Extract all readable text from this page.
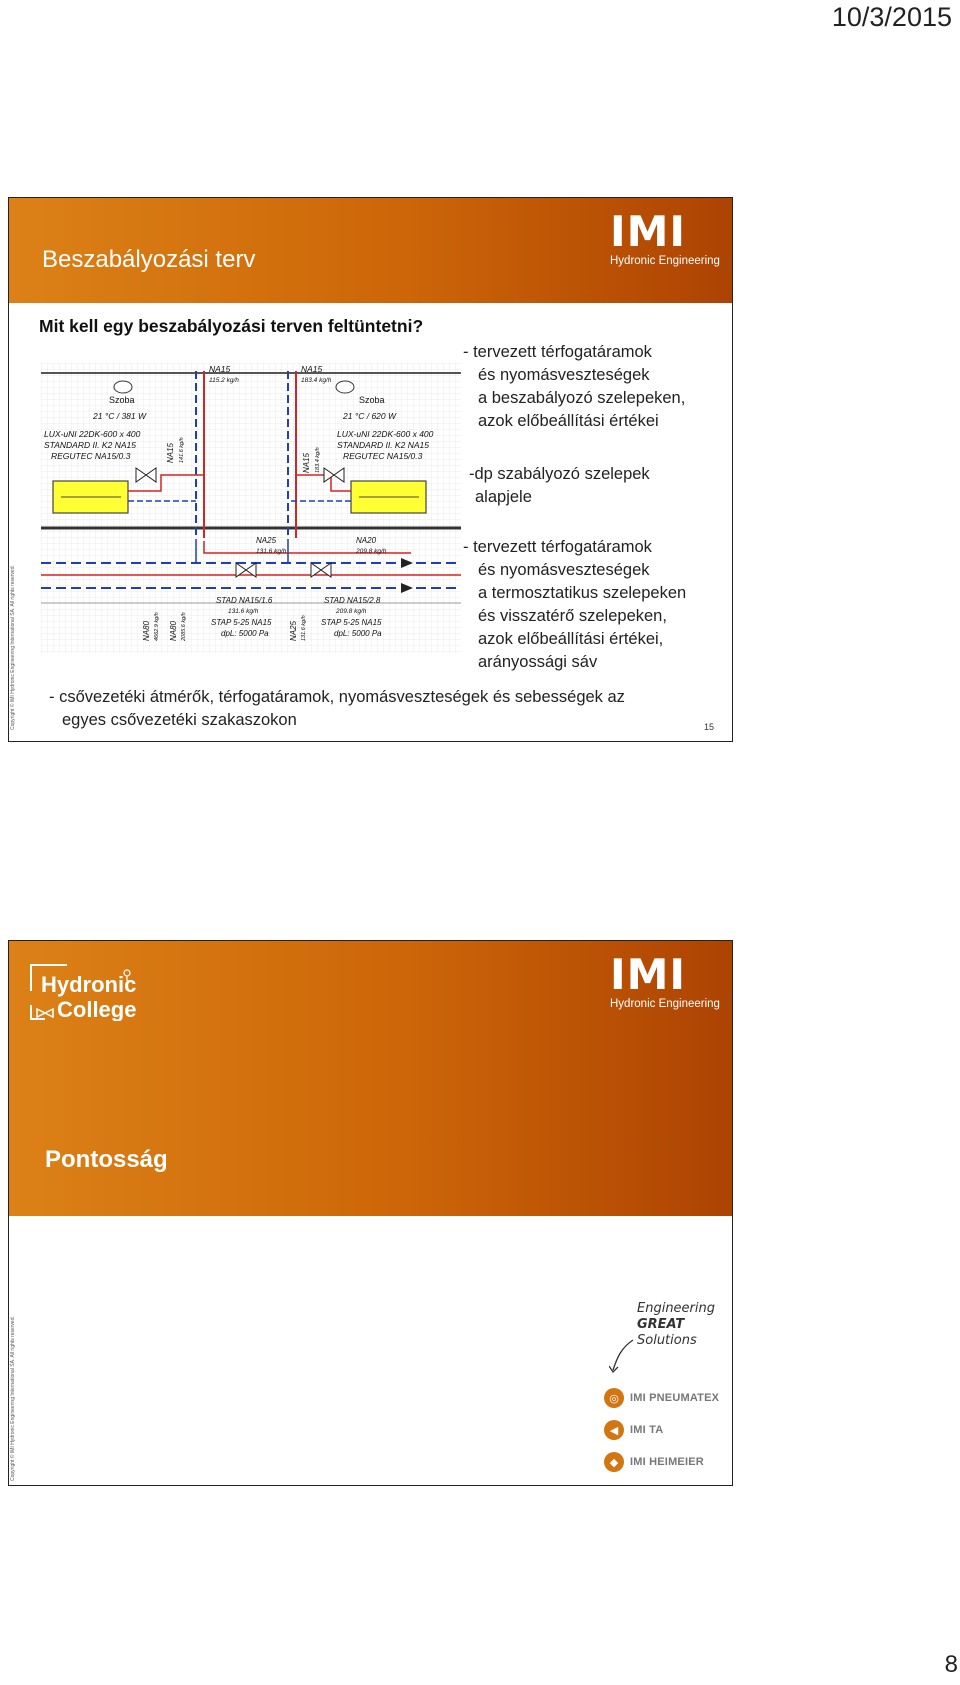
10/3/2015
Beszabályozási terv
IMI
Hydronic Engineering
Copyright © IMI Hydronic Engineering International SA. All rights reserved.
Mit kell egy beszabályozási terven feltüntetni?
Szoba
21 °C / 381 W
LUX-uNI 22DK-600 x 400
STANDARD II. K2 NA15
REGUTEC NA15/0.3
Szoba
21 °C / 620 W
LUX-uNI 22DK-600 x 400
STANDARD II. K2 NA15
REGUTEC NA15/0.3
NA15
115.2 kg/h
NA15
183.4 kg/h
NA15 141.6 kg/h	NA15 183.4 kg/h
NA25
131.6 kg/h
NA20
209.8 kg/h
STAD NA15/1.6
131.6 kg/h
STAP 5-25 NA15
dpL: 5000 Pa
STAD NA15/2.8
209.8 kg/h
STAP 5-25 NA15
dpL: 5000 Pa
NA80 4662.9 kg/h NA80 2085.6 kg/h	NA25 131.6 kg/h
- tervezett térfogatáramok
és nyomásveszteségek
a beszabályozó szelepeken,
azok előbeállítási értékei
-dp szabályozó szelepek
alapjele
- tervezett térfogatáramok
és nyomásveszteségek
a termosztatikus szelepeken
és visszatérő szelepeken,
azok előbeállítási értékei,
arányossági sáv
- csővezetéki átmérők, térfogatáramok, nyomásveszteségek és sebességek az
egyes csővezetéki szakaszokon	15
Hydronic
College
IMI
Hydronic Engineering
Pontosság
Copyright © IMI Hydronic Engineering International SA. All rights reserved.
Engineering
GREAT
Solutions
◎	IMI PNEUMATEX
◀	IMI TA
◆	IMI HEIMEIER
8
